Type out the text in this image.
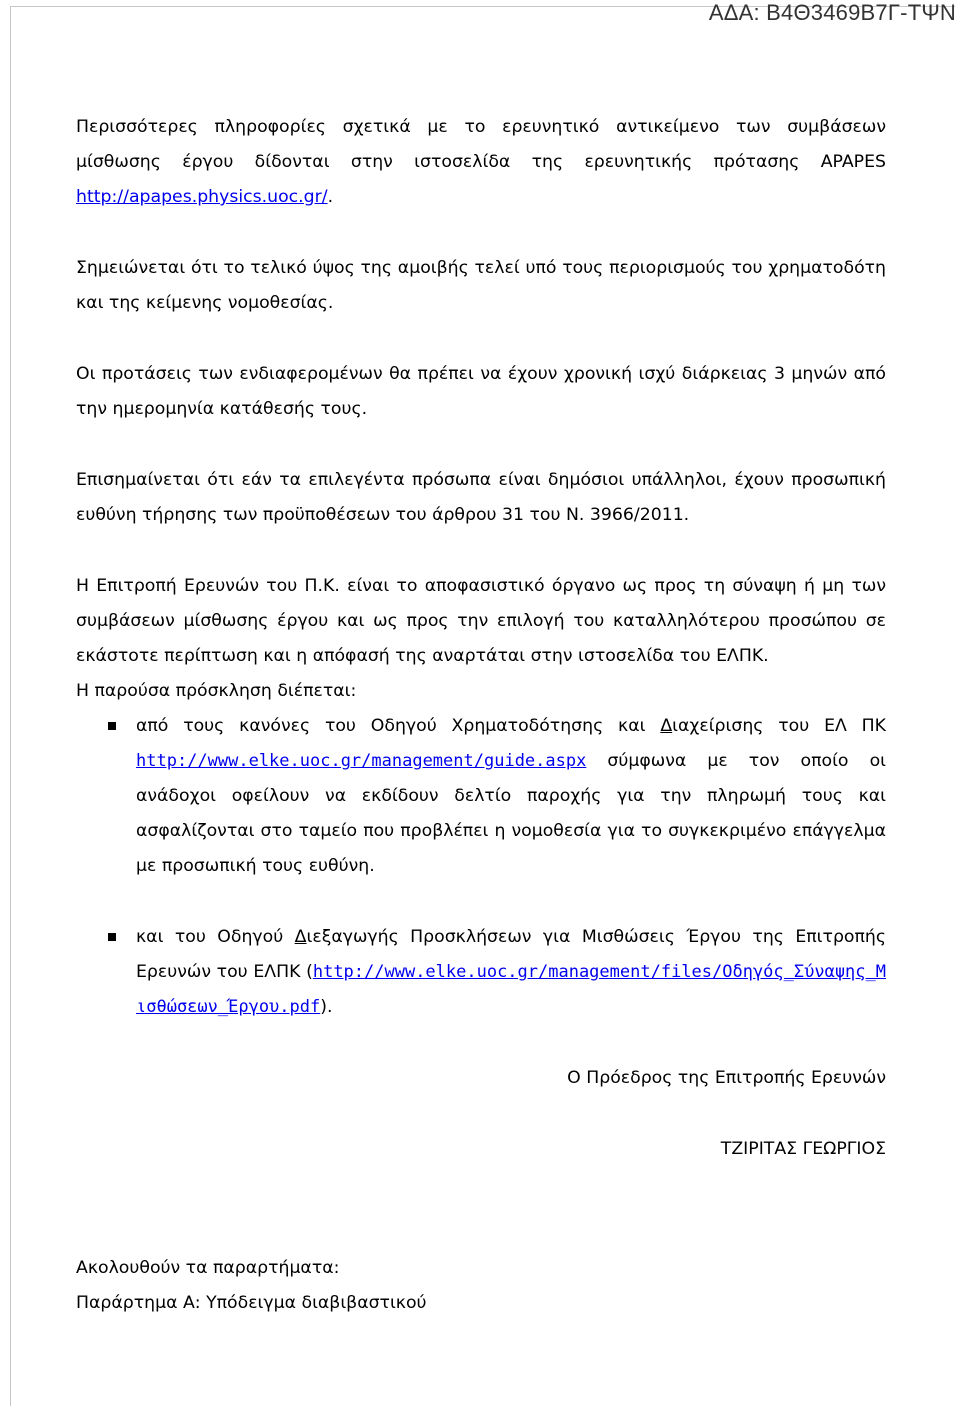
ΑΔΑ: Β4Θ3469Β7Γ-ΤΨΝ

Περισσότερες πληροφορίες σχετικά με το ερευνητικό αντικείμενο των συμβάσεων μίσθωσης έργου δίδονται στην ιστοσελίδα της ερευνητικής πρότασης APAPES http://apapes.physics.uoc.gr/.

Σημειώνεται ότι το τελικό ύψος της αμοιβής τελεί υπό τους περιορισμούς του χρηματοδότη και της κείμενης νομοθεσίας.

Οι προτάσεις των ενδιαφερομένων θα πρέπει να έχουν χρονική ισχύ διάρκειας 3 μηνών από την ημερομηνία κατάθεσής τους.

Επισημαίνεται ότι εάν τα επιλεγέντα πρόσωπα είναι δημόσιοι υπάλληλοι, έχουν προσωπική ευθύνη τήρησης των προϋποθέσεων του άρθρου 31 του Ν. 3966/2011.

Η Επιτροπή Ερευνών του Π.Κ. είναι το αποφασιστικό όργανο ως προς τη σύναψη ή μη των συμβάσεων μίσθωσης έργου και ως προς την επιλογή του καταλληλότερου προσώπου σε εκάστοτε περίπτωση και η απόφασή της αναρτάται στην ιστοσελίδα του ΕΛΠΚ.

Η παρούσα πρόσκληση διέπεται:

από τους κανόνες του Οδηγού Χρηματοδότησης και Διαχείρισης του ΕΛ ΠΚ http://www.elke.uoc.gr/management/guide.aspx σύμφωνα με τον οποίο οι ανάδοχοι οφείλουν να εκδίδουν δελτίο παροχής για την πληρωμή τους και ασφαλίζονται στο ταμείο που προβλέπει η νομοθεσία για το συγκεκριμένο επάγγελμα με προσωπική τους ευθύνη.
και του Οδηγού Διεξαγωγής Προσκλήσεων για Μισθώσεις Έργου της Επιτροπής Ερευνών του ΕΛΠΚ (http://www.elke.uoc.gr/management/files/Οδηγός_Σύναψης_Μισθώσεων_Έργου.pdf).

Ο Πρόεδρος της Επιτροπής Ερευνών

ΤΖΙΡΙΤΑΣ ΓΕΩΡΓΙΟΣ

Ακολουθούν τα παραρτήματα:

Παράρτημα Α: Υπόδειγμα διαβιβαστικού
